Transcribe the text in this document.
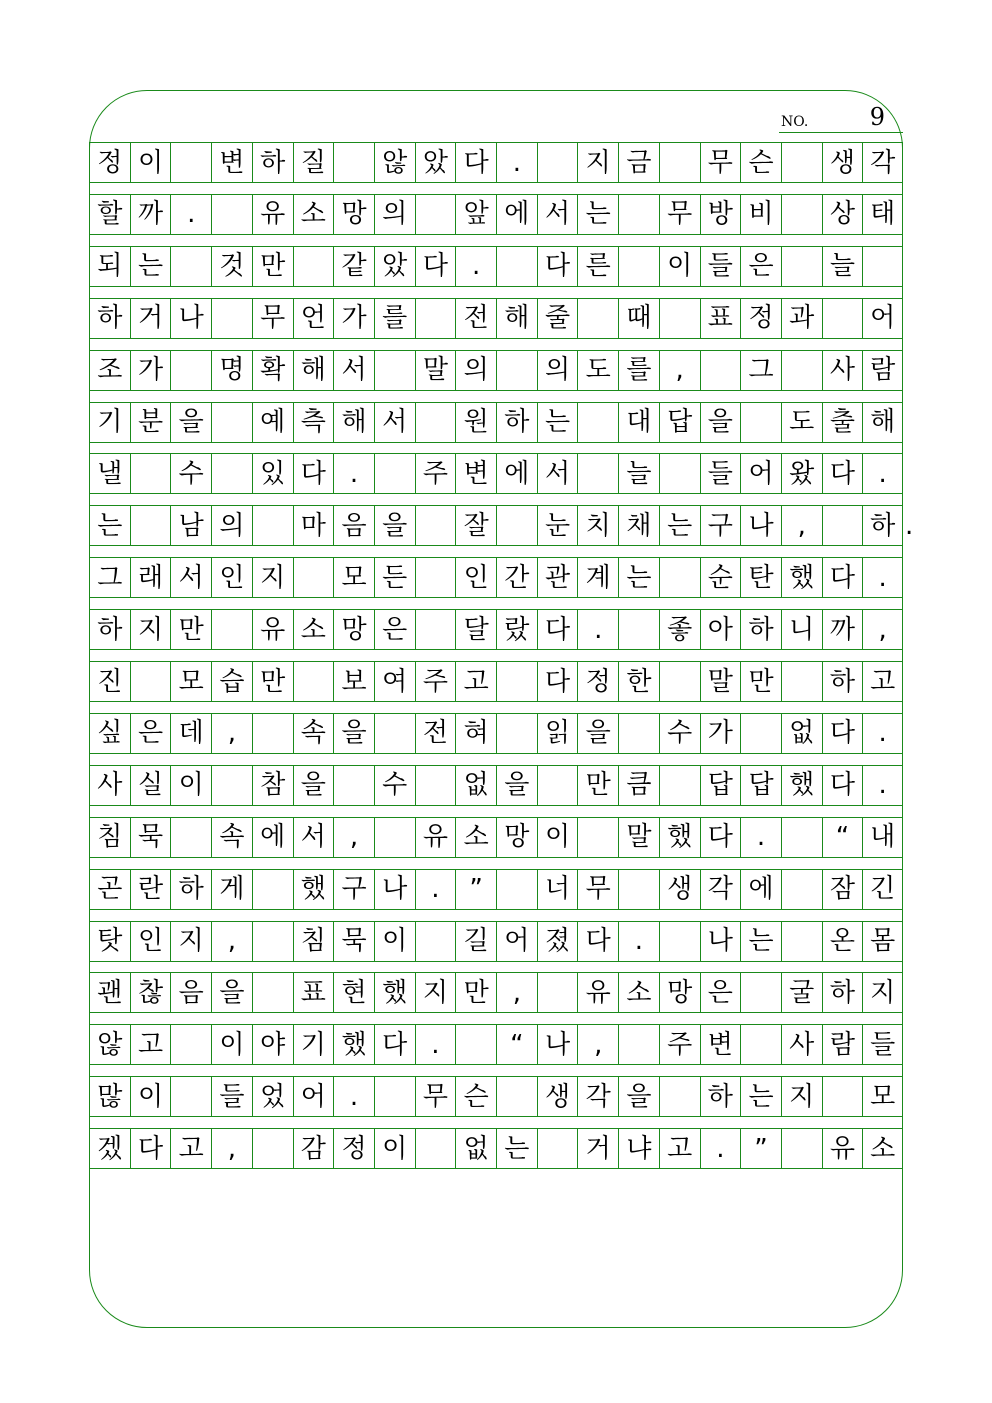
NO.	9
정 이	변 하 질	않 았 다 .	지 금	무 슨	생 각
할 까 .	유 소 망 의	앞 에 서 는	무 방 비	상 태
되 는	것 만	같 았 다 .	다 른	이 들 은	늘
하 거 나	무 언 가 를	전 해 줄	때	표 정 과 어
조 가	명 확 해 서	말 의	의 도 를 ,	그	사 람
기 분 을	예 측 해 서	원 하 는	대 답 을	도 출 해
낼	수	있 다 .	주 변 에 서	늘	들 어 왔 다 .
는	남 의	마 음 을	잘	눈 치 채 는 구 나 ,	하
그 래 서 인 지	모 든	인 간 관 계 는	순 탄 했 다 .
하 지 만	유 소 망 은	달 랐 다 .	좋 아 하 니 까 ,
진	모 습 만	보 여 주 고	다 정 한	말 만	하 고
싶 은 데 ,	속 을	전 혀	읽 을	수 가	없 다 .
사 실 이	참 을	수	없 을	만 큼	답 답 했 다 .
침 묵	속 에 서 ,	유 소 망 이	말 했 다 .	“ 내
곤 란 하 게	했 구 나 .	”	너 무	생 각 에	잠 긴
탓 인 지 ,	침 묵 이	길 어 졌 다 .	나 는	온 몸
괜 찮 음 을	표 현 했 지 만 ,	유 소 망 은	굴 하 지
않 고	이 야 기 했 다 .	“ 나 ,	주 변	사 람 들
많 이	들 었 어 .	무 슨	생 각 을	하 는 지 모
겠 다 고 ,	감 정 이	없 는	거 냐 고 .	”	유 소
.
